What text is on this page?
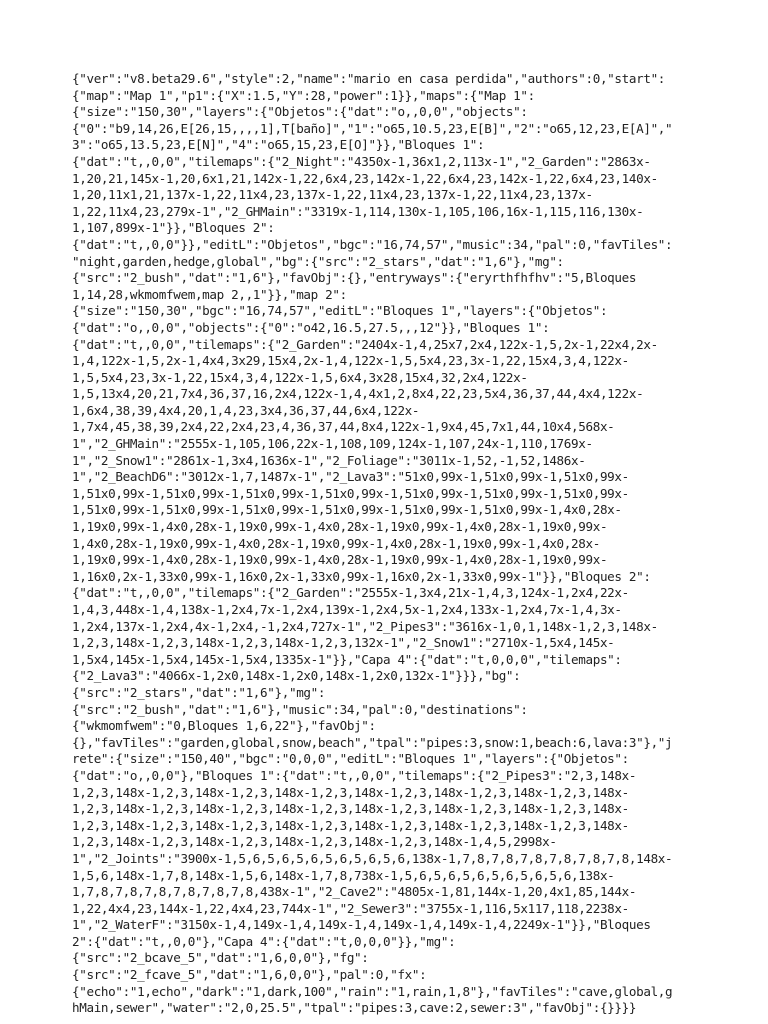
{"ver":"v8.beta29.6","style":2,"name":"mario en casa perdida","authors":0,"start":
{"map":"Map 1","p1":{"X":1.5,"Y":28,"power":1}},"maps":{"Map 1":
{"size":"150,30","layers":{"Objetos":{"dat":"o,,0,0","objects":
{"0":"b9,14,26,E[26,15,,,,1],T[baño]","1":"o65,10.5,23,E[B]","2":"o65,12,23,E[A]","
3":"o65,13.5,23,E[N]","4":"o65,15,23,E[O]"}},"Bloques 1":
{"dat":"t,,0,0","tilemaps":{"2_Night":"4350x-1,36x1,2,113x-1","2_Garden":"2863x-
1,20,21,145x-1,20,6x1,21,142x-1,22,6x4,23,142x-1,22,6x4,23,142x-1,22,6x4,23,140x-
1,20,11x1,21,137x-1,22,11x4,23,137x-1,22,11x4,23,137x-1,22,11x4,23,137x-
1,22,11x4,23,279x-1","2_GHMain":"3319x-1,114,130x-1,105,106,16x-1,115,116,130x-
1,107,899x-1"}},"Bloques 2":
{"dat":"t,,0,0"}},"editL":"Objetos","bgc":"16,74,57","music":34,"pal":0,"favTiles":
"night,garden,hedge,global","bg":{"src":"2_stars","dat":"1,6"},"mg":
{"src":"2_bush","dat":"1,6"},"favObj":{},"entryways":{"eryrthfhfhv":"5,Bloques
1,14,28,wkmomfwem,map 2,,1"}},"map 2":
{"size":"150,30","bgc":"16,74,57","editL":"Bloques 1","layers":{"Objetos":
{"dat":"o,,0,0","objects":{"0":"o42,16.5,27.5,,,12"}},"Bloques 1":
{"dat":"t,,0,0","tilemaps":{"2_Garden":"2404x-1,4,25x7,2x4,122x-1,5,2x-1,22x4,2x-
1,4,122x-1,5,2x-1,4x4,3x29,15x4,2x-1,4,122x-1,5,5x4,23,3x-1,22,15x4,3,4,122x-
1,5,5x4,23,3x-1,22,15x4,3,4,122x-1,5,6x4,3x28,15x4,32,2x4,122x-
1,5,13x4,20,21,7x4,36,37,16,2x4,122x-1,4,4x1,2,8x4,22,23,5x4,36,37,44,4x4,122x-
1,6x4,38,39,4x4,20,1,4,23,3x4,36,37,44,6x4,122x-
1,7x4,45,38,39,2x4,22,2x4,23,4,36,37,44,8x4,122x-1,9x4,45,7x1,44,10x4,568x-
1","2_GHMain":"2555x-1,105,106,22x-1,108,109,124x-1,107,24x-1,110,1769x-
1","2_Snow1":"2861x-1,3x4,1636x-1","2_Foliage":"3011x-1,52,-1,52,1486x-
1","2_BeachD6":"3012x-1,7,1487x-1","2_Lava3":"51x0,99x-1,51x0,99x-1,51x0,99x-
1,51x0,99x-1,51x0,99x-1,51x0,99x-1,51x0,99x-1,51x0,99x-1,51x0,99x-1,51x0,99x-
1,51x0,99x-1,51x0,99x-1,51x0,99x-1,51x0,99x-1,51x0,99x-1,51x0,99x-1,4x0,28x-
1,19x0,99x-1,4x0,28x-1,19x0,99x-1,4x0,28x-1,19x0,99x-1,4x0,28x-1,19x0,99x-
1,4x0,28x-1,19x0,99x-1,4x0,28x-1,19x0,99x-1,4x0,28x-1,19x0,99x-1,4x0,28x-
1,19x0,99x-1,4x0,28x-1,19x0,99x-1,4x0,28x-1,19x0,99x-1,4x0,28x-1,19x0,99x-
1,16x0,2x-1,33x0,99x-1,16x0,2x-1,33x0,99x-1,16x0,2x-1,33x0,99x-1"}},"Bloques 2":
{"dat":"t,,0,0","tilemaps":{"2_Garden":"2555x-1,3x4,21x-1,4,3,124x-1,2x4,22x-
1,4,3,448x-1,4,138x-1,2x4,7x-1,2x4,139x-1,2x4,5x-1,2x4,133x-1,2x4,7x-1,4,3x-
1,2x4,137x-1,2x4,4x-1,2x4,-1,2x4,727x-1","2_Pipes3":"3616x-1,0,1,148x-1,2,3,148x-
1,2,3,148x-1,2,3,148x-1,2,3,148x-1,2,3,132x-1","2_Snow1":"2710x-1,5x4,145x-
1,5x4,145x-1,5x4,145x-1,5x4,1335x-1"}},"Capa 4":{"dat":"t,0,0,0","tilemaps":
{"2_Lava3":"4066x-1,2x0,148x-1,2x0,148x-1,2x0,132x-1"}}},"bg":
{"src":"2_stars","dat":"1,6"},"mg":
{"src":"2_bush","dat":"1,6"},"music":34,"pal":0,"destinations":
{"wkmomfwem":"0,Bloques 1,6,22"},"favObj":
{},"favTiles":"garden,global,snow,beach","tpal":"pipes:3,snow:1,beach:6,lava:3"},"j
rete":{"size":"150,40","bgc":"0,0,0","editL":"Bloques 1","layers":{"Objetos":
{"dat":"o,,0,0"},"Bloques 1":{"dat":"t,,0,0","tilemaps":{"2_Pipes3":"2,3,148x-
1,2,3,148x-1,2,3,148x-1,2,3,148x-1,2,3,148x-1,2,3,148x-1,2,3,148x-1,2,3,148x-
1,2,3,148x-1,2,3,148x-1,2,3,148x-1,2,3,148x-1,2,3,148x-1,2,3,148x-1,2,3,148x-
1,2,3,148x-1,2,3,148x-1,2,3,148x-1,2,3,148x-1,2,3,148x-1,2,3,148x-1,2,3,148x-
1,2,3,148x-1,2,3,148x-1,2,3,148x-1,2,3,148x-1,2,3,148x-1,4,5,2998x-
1","2_Joints":"3900x-1,5,6,5,6,5,6,5,6,5,6,5,6,138x-1,7,8,7,8,7,8,7,8,7,8,7,8,148x-
1,5,6,148x-1,7,8,148x-1,5,6,148x-1,7,8,738x-1,5,6,5,6,5,6,5,6,5,6,5,6,138x-
1,7,8,7,8,7,8,7,8,7,8,7,8,438x-1","2_Cave2":"4805x-1,81,144x-1,20,4x1,85,144x-
1,22,4x4,23,144x-1,22,4x4,23,744x-1","2_Sewer3":"3755x-1,116,5x117,118,2238x-
1","2_WaterF":"3150x-1,4,149x-1,4,149x-1,4,149x-1,4,149x-1,4,2249x-1"}},"Bloques
2":{"dat":"t,,0,0"},"Capa 4":{"dat":"t,0,0,0"}},"mg":
{"src":"2_bcave_5","dat":"1,6,0,0"},"fg":
{"src":"2_fcave_5","dat":"1,6,0,0"},"pal":0,"fx":
{"echo":"1,echo","dark":"1,dark,100","rain":"1,rain,1,8"},"favTiles":"cave,global,g
hMain,sewer","water":"2,0,25.5","tpal":"pipes:3,cave:2,sewer:3","favObj":{}}}}
